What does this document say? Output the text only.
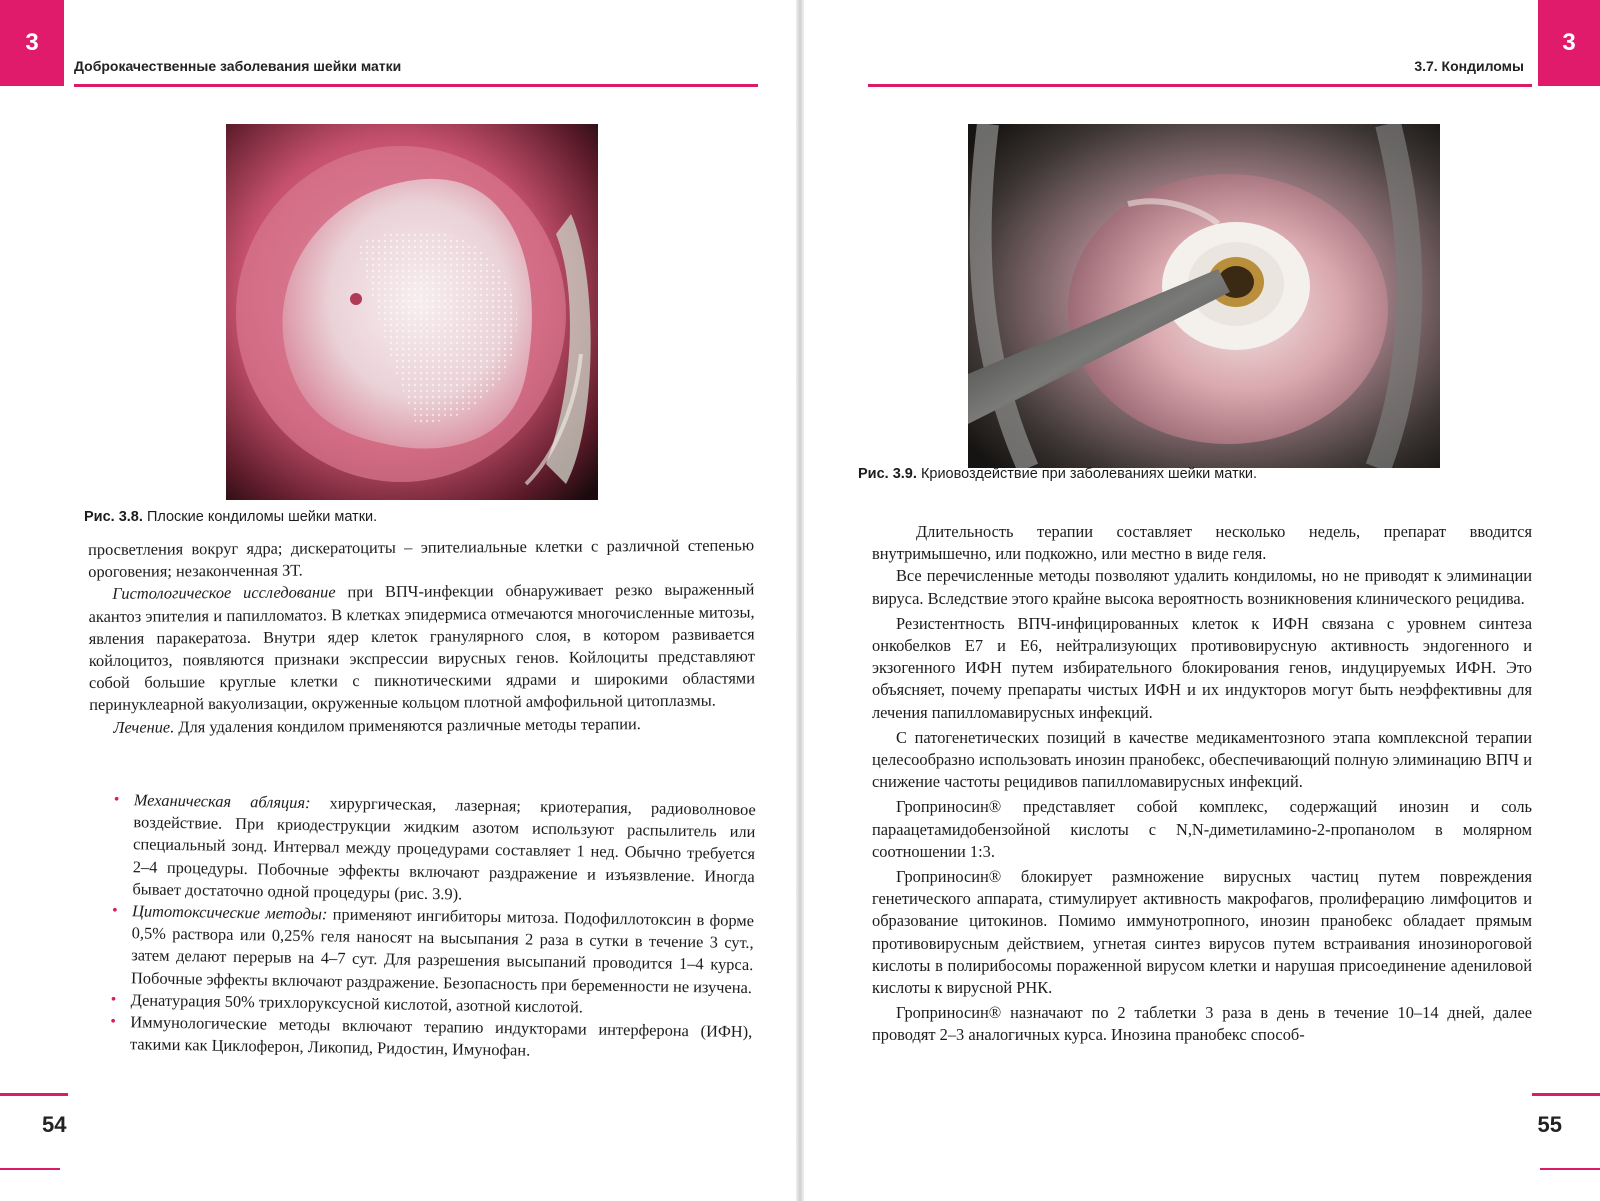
3
Доброкачественные заболевания шейки матки
Рис. 3.8. Плоские кондиломы шейки матки.

просветления вокруг ядра; дискератоциты – эпителиальные клетки с различной степенью ороговения; незаконченная ЗТ.

Гистологическое исследование при ВПЧ-инфекции обнаруживает резко выраженный акантоз эпителия и папилломатоз. В клетках эпидермиса отмечаются многочисленные митозы, явления паракератоза. Внутри ядер клеток гранулярного слоя, в котором развивается койлоцитоз, появляются признаки экспрессии вирусных генов. Койлоциты представляют собой большие круглые клетки с пикнотическими ядрами и широкими областями перинуклеарной вакуолизации, окруженные кольцом плотной амфофильной цитоплазмы.

Лечение. Для удаления кондилом применяются различные методы терапии.

• Механическая абляция: хирургическая, лазерная; криотерапия, радиоволновое воздействие. При криодеструкции жидким азотом используют распылитель или специальный зонд. Интервал между процедурами составляет 1 нед. Обычно требуется 2–4 процедуры. Побочные эффекты включают раздражение и изъязвление. Иногда бывает достаточно одной процедуры (рис. 3.9).
• Цитотоксические методы: применяют ингибиторы митоза. Подофиллотоксин в форме 0,5% раствора или 0,25% геля наносят на высыпания 2 раза в сутки в течение 3 сут., затем делают перерыв на 4–7 сут. Для разрешения высыпаний проводится 1–4 курса. Побочные эффекты включают раздражение. Безопасность при беременности не изучена.
• Денатурация 50% трихлоруксусной кислотой, азотной кислотой.
• Иммунологические методы включают терапию индукторами интерферона (ИФН), такими как Циклоферон, Ликопид, Ридостин, Имунофан.
54
3
3.7. Кондиломы
Рис. 3.9. Криовоздействие при заболеваниях шейки матки.

Длительность терапии составляет несколько недель, препарат вводится внутримышечно, или подкожно, или местно в виде геля.

Все перечисленные методы позволяют удалить кондиломы, но не приводят к элиминации вируса. Вследствие этого крайне высока вероятность возникновения клинического рецидива.

Резистентность ВПЧ-инфицированных клеток к ИФН связана с уровнем синтеза онкобелков E7 и E6, нейтрализующих противовирусную активность эндогенного и экзогенного ИФН путем избирательного блокирования генов, индуцируемых ИФН. Это объясняет, почему препараты чистых ИФН и их индукторов могут быть неэффективны для лечения папилломавирусных инфекций.

С патогенетических позиций в качестве медикаментозного этапа комплексной терапии целесообразно использовать инозин пранобекс, обеспечивающий полную элиминацию ВПЧ и снижение частоты рецидивов папилломавирусных инфекций.

Гроприносин® представляет собой комплекс, содержащий инозин и соль параацетамидобензойной кислоты с N,N-диметиламино-2-пропанолом в молярном соотношении 1:3.

Гроприносин® блокирует размножение вирусных частиц путем повреждения генетического аппарата, стимулирует активность макрофагов, пролиферацию лимфоцитов и образование цитокинов. Помимо иммунотропного, инозин пранобекс обладает прямым противовирусным действием, угнетая синтез вирусов путем встраивания инозинороговой кислоты в полирибосомы пораженной вирусом клетки и нарушая присоединение адениловой кислоты к вирусной РНК.

Гроприносин® назначают по 2 таблетки 3 раза в день в течение 10–14 дней, далее проводят 2–3 аналогичных курса. Инозина пранобекс способ-

55
